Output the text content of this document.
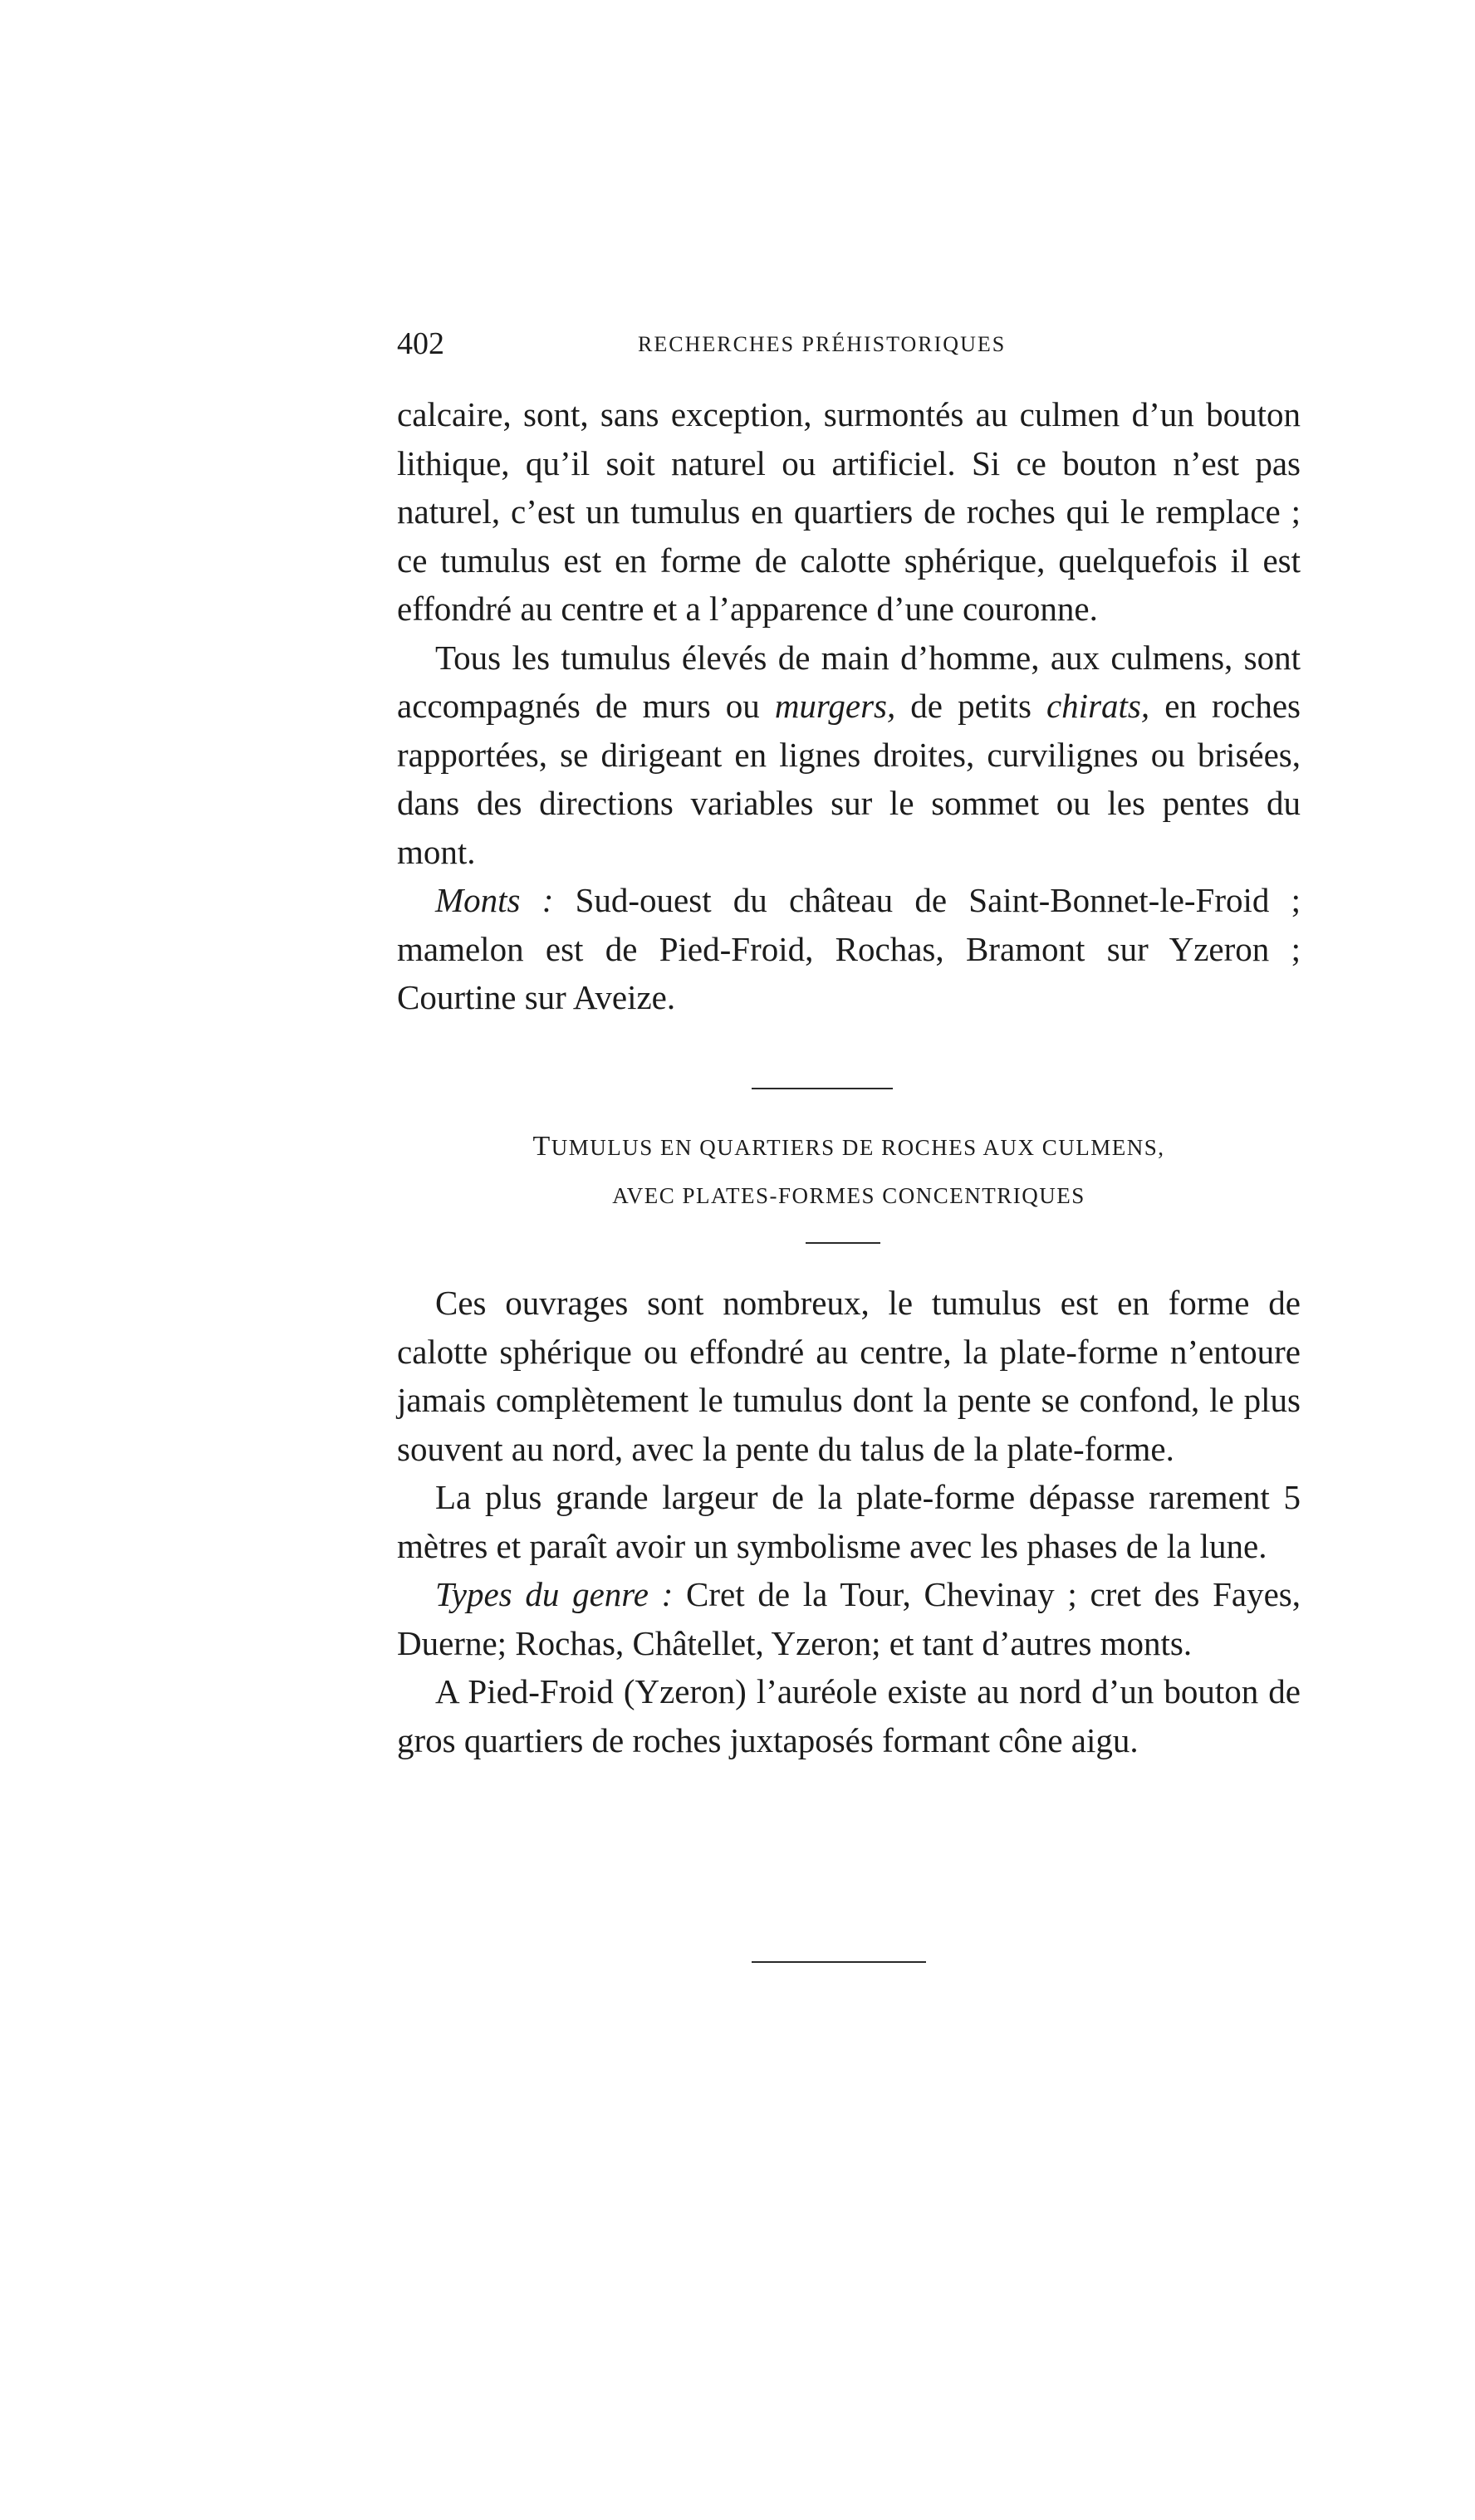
402	RECHERCHES PRÉHISTORIQUES

calcaire, sont, sans exception, surmontés au culmen d’un bouton lithique, qu’il soit naturel ou artificiel. Si ce bouton n’est pas naturel, c’est un tumulus en quartiers de roches qui le remplace ; ce tumulus est en forme de calotte sphérique, quelquefois il est effondré au centre et a l’apparence d’une couronne.

Tous les tumulus élevés de main d’homme, aux culmens, sont accompagnés de murs ou murgers, de petits chirats, en roches rapportées, se dirigeant en lignes droites, curvilignes ou brisées, dans des directions variables sur le sommet ou les pentes du mont.

Monts : Sud-ouest du château de Saint-Bonnet-le-Froid ; mamelon est de Pied-Froid, Rochas, Bramont sur Yzeron ; Courtine sur Aveize.

TUMULUS EN QUARTIERS DE ROCHES AUX CULMENS,
AVEC PLATES-FORMES CONCENTRIQUES

Ces ouvrages sont nombreux, le tumulus est en forme de calotte sphérique ou effondré au centre, la plate-forme n’entoure jamais complètement le tumulus dont la pente se confond, le plus souvent au nord, avec la pente du talus de la plate-forme.

La plus grande largeur de la plate-forme dépasse rarement 5 mètres et paraît avoir un symbolisme avec les phases de la lune.

Types du genre : Cret de la Tour, Chevinay ; cret des Fayes, Duerne; Rochas, Châtellet, Yzeron; et tant d’autres monts.

A Pied-Froid (Yzeron) l’auréole existe au nord d’un bouton de gros quartiers de roches juxtaposés formant cône aigu.
